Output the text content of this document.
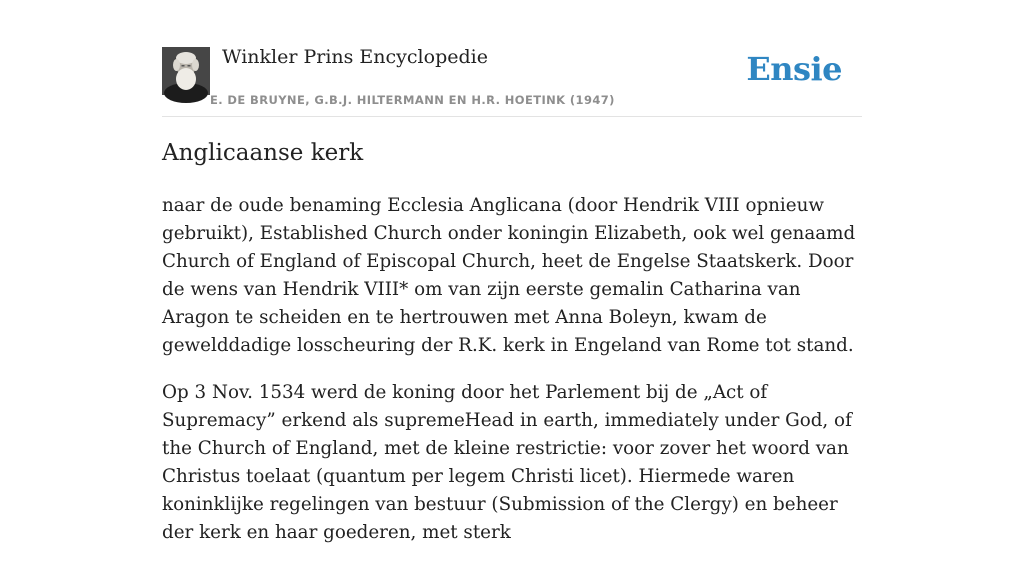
Winkler Prins Encyclopedie
E. DE BRUYNE, G.B.J. HILTERMANN EN H.R. HOETINK (1947)
Ensie
Anglicaanse kerk

naar de oude benaming Ecclesia Anglicana (door Hendrik VIII opnieuw gebruikt), Established Church onder koningin Elizabeth, ook wel genaamd Church of England of Episcopal Church, heet de Engelse Staatskerk. Door de wens van Hendrik VIII* om van zijn eerste gemalin Catharina van Aragon te scheiden en te hertrouwen met Anna Boleyn, kwam de gewelddadige losscheuring der R.K. kerk in Engeland van Rome tot stand.

Op 3 Nov. 1534 werd de koning door het Parlement bij de „Act of Supremacy” erkend als supremeHead in earth, immediately under God, of the Church of England, met de kleine restrictie: voor zover het woord van Christus toelaat (quantum per legem Christi licet). Hiermede waren koninklijke regelingen van bestuur (Submission of the Clergy) en beheer der kerk en haar goederen, met sterk
